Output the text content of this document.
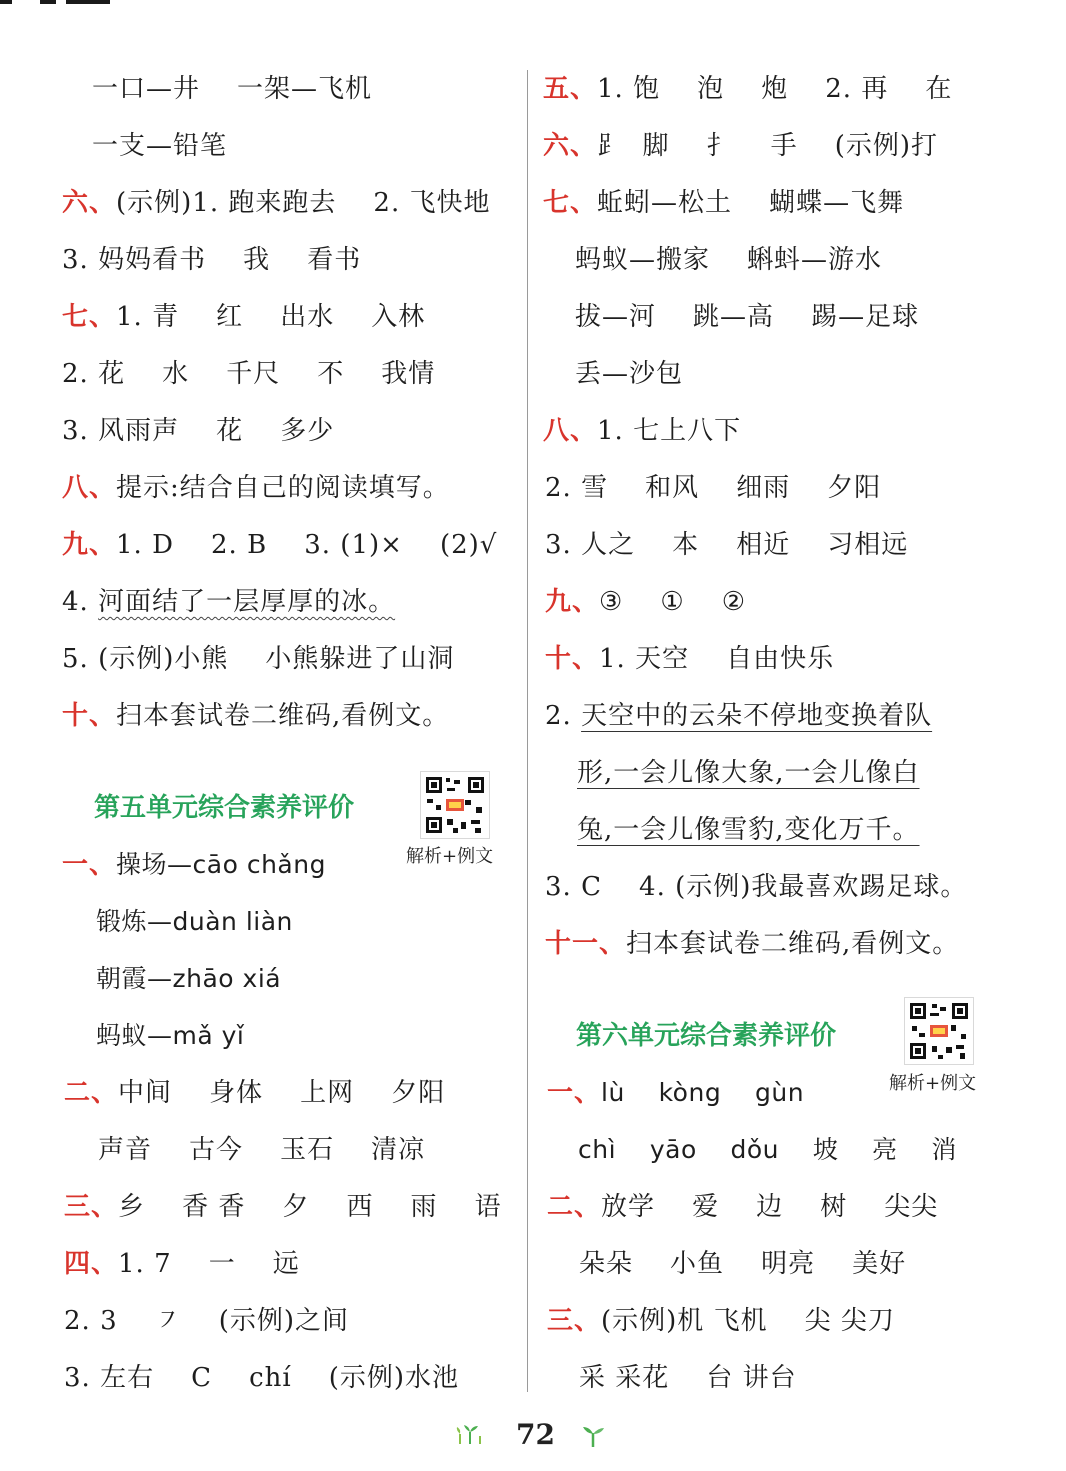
一口—井    一架—飞机
一支—铅笔
六、(示例)1. 跑来跑去    2. 飞快地
3. 妈妈看书    我    看书
七、1. 青    红    出水    入林
2. 花    水    千尺    不    我情
3. 风雨声    花    多少
八、提示:结合自己的阅读填写。
九、1. D    2. B    3. (1)×    (2)√
4. 河面结了一层厚厚的冰。
5. (示例)小熊    小熊躲进了山洞
十、扫本套试卷二维码,看例文。
第五单元综合素养评价
解析+例文
一、操场—cāo chǎng
锻炼—duàn liàn
朝霞—zhāo xiá
蚂蚁—mǎ yǐ
二、中间    身体    上网    夕阳
声音    古今    玉石    清凉
三、乡    香 香    夕    西    雨    语
四、1. 7    一    远
2. 3    ㇇    (示例)之间
3. 左右    C    chí    (示例)水池
五、1. 饱    泡    炮    2. 再    在
六、⻊  脚    扌    手    (示例)打
七、蚯蚓—松土    蝴蝶—飞舞
蚂蚁—搬家    蝌蚪—游水
拔—河    跳—高    踢—足球
丢—沙包
八、1. 七上八下
2. 雪    和风    细雨    夕阳
3. 人之    本    相近    习相远
九、③    ①    ②
十、1. 天空    自由快乐
2. 天空中的云朵不停地变换着队
形,一会儿像大象,一会儿像白
兔,一会儿像雪豹,变化万千。
3. C    4. (示例)我最喜欢踢足球。
十一、扫本套试卷二维码,看例文。
第六单元综合素养评价
解析+例文
一、lù    kòng    gùn
chì    yāo    dǒu    坡    亮    消
二、放学    爱    边    树    尖尖
朵朵    小鱼    明亮    美好
三、(示例)机 飞机    尖 尖刀
采 采花    台 讲台
72
